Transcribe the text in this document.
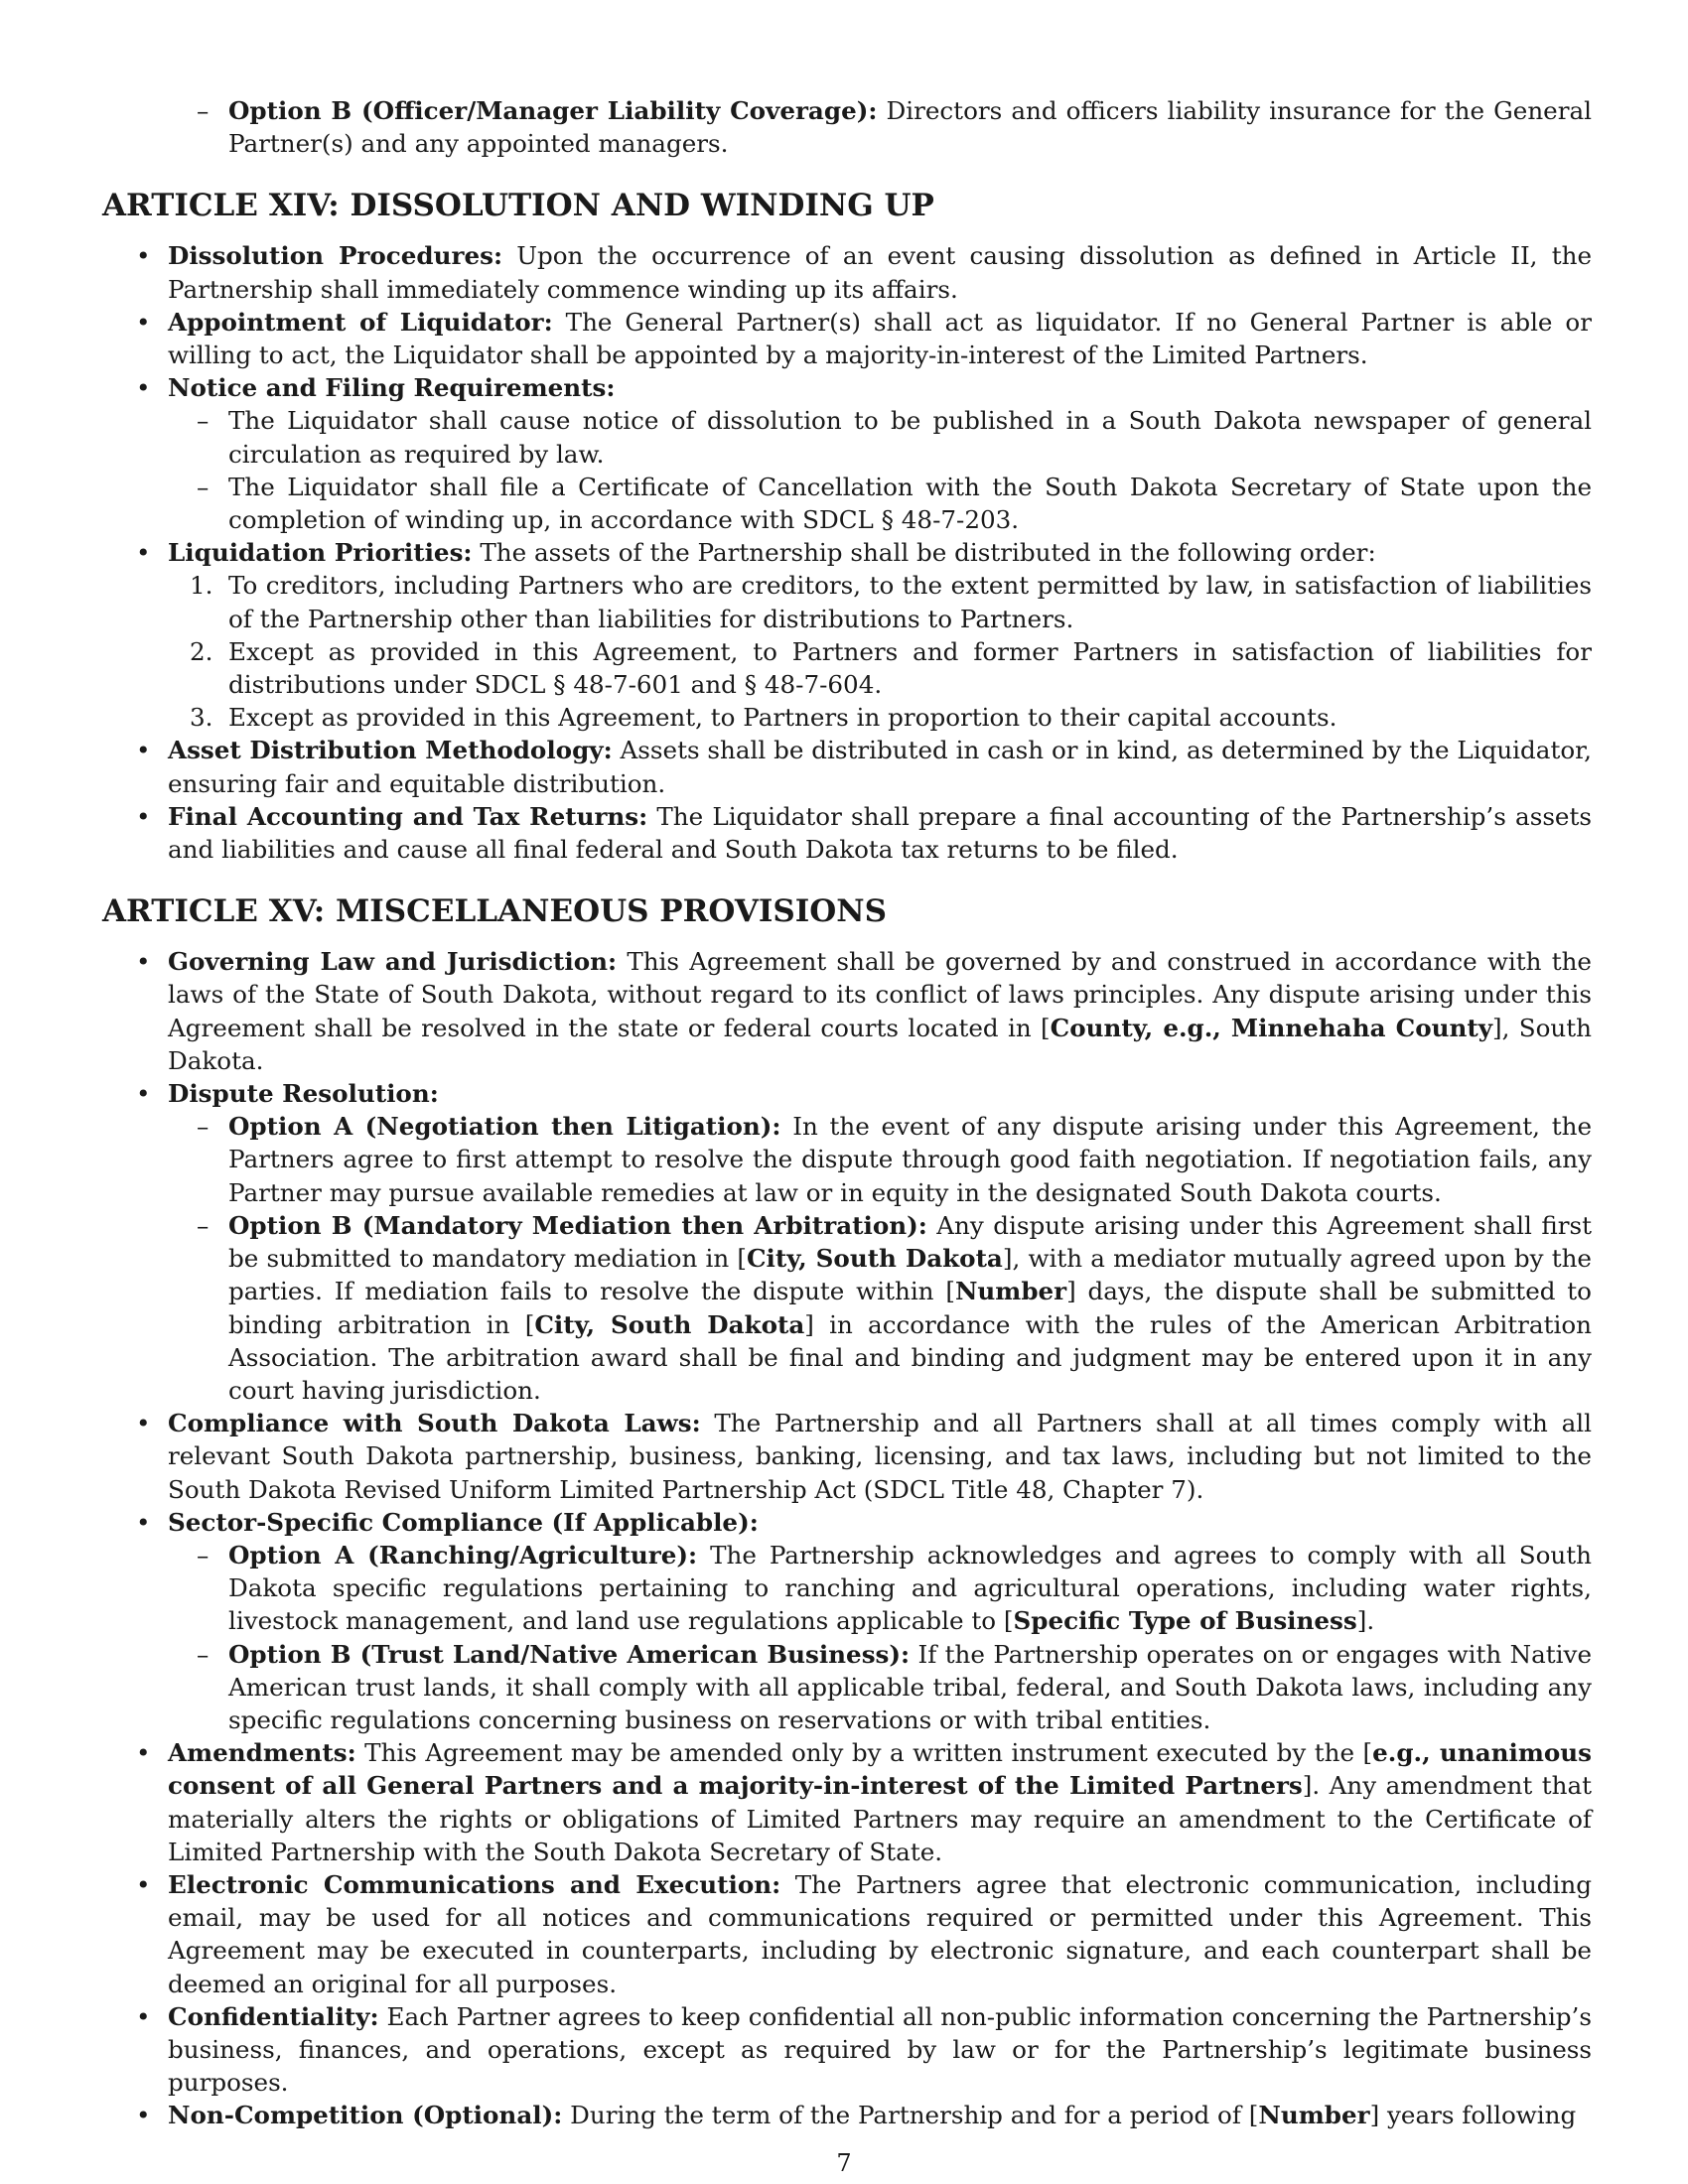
– Option B (Officer/Manager Liability Coverage): Directors and officers liability insurance for the General Partner(s) and any appointed managers.
ARTICLE XIV: DISSOLUTION AND WINDING UP
• Dissolution Procedures: Upon the occurrence of an event causing dissolution as defined in Article II, the Partnership shall immediately commence winding up its affairs.
• Appointment of Liquidator: The General Partner(s) shall act as liquidator. If no General Partner is able or willing to act, the Liquidator shall be appointed by a majority-in-interest of the Limited Partners.
• Notice and Filing Requirements:
– The Liquidator shall cause notice of dissolution to be published in a South Dakota newspaper of general circulation as required by law.
– The Liquidator shall file a Certificate of Cancellation with the South Dakota Secretary of State upon the completion of winding up, in accordance with SDCL § 48-7-203.
• Liquidation Priorities: The assets of the Partnership shall be distributed in the following order:
1. To creditors, including Partners who are creditors, to the extent permitted by law, in satisfaction of liabilities of the Partnership other than liabilities for distributions to Partners.
2. Except as provided in this Agreement, to Partners and former Partners in satisfaction of liabilities for distributions under SDCL § 48-7-601 and § 48-7-604.
3. Except as provided in this Agreement, to Partners in proportion to their capital accounts.
• Asset Distribution Methodology: Assets shall be distributed in cash or in kind, as determined by the Liquidator, ensuring fair and equitable distribution.
• Final Accounting and Tax Returns: The Liquidator shall prepare a final accounting of the Partnership’s assets and liabilities and cause all final federal and South Dakota tax returns to be filed.
ARTICLE XV: MISCELLANEOUS PROVISIONS
• Governing Law and Jurisdiction: This Agreement shall be governed by and construed in accordance with the laws of the State of South Dakota, without regard to its conflict of laws principles. Any dispute arising under this Agreement shall be resolved in the state or federal courts located in [County, e.g., Minnehaha County], South Dakota.
• Dispute Resolution:
– Option A (Negotiation then Litigation): In the event of any dispute arising under this Agreement, the Partners agree to first attempt to resolve the dispute through good faith negotiation. If negotiation fails, any Partner may pursue available remedies at law or in equity in the designated South Dakota courts.
– Option B (Mandatory Mediation then Arbitration): Any dispute arising under this Agreement shall first be submitted to mandatory mediation in [City, South Dakota], with a mediator mutually agreed upon by the parties. If mediation fails to resolve the dispute within [Number] days, the dispute shall be submitted to binding arbitration in [City, South Dakota] in accordance with the rules of the American Arbitration Association. The arbitration award shall be final and binding and judgment may be entered upon it in any court having jurisdiction.
• Compliance with South Dakota Laws: The Partnership and all Partners shall at all times comply with all relevant South Dakota partnership, business, banking, licensing, and tax laws, including but not limited to the South Dakota Revised Uniform Limited Partnership Act (SDCL Title 48, Chapter 7).
• Sector-Specific Compliance (If Applicable):
– Option A (Ranching/Agriculture): The Partnership acknowledges and agrees to comply with all South Dakota specific regulations pertaining to ranching and agricultural operations, including water rights, livestock management, and land use regulations applicable to [Specific Type of Business].
– Option B (Trust Land/Native American Business): If the Partnership operates on or engages with Native American trust lands, it shall comply with all applicable tribal, federal, and South Dakota laws, including any specific regulations concerning business on reservations or with tribal entities.
• Amendments: This Agreement may be amended only by a written instrument executed by the [e.g., unanimous consent of all General Partners and a majority-in-interest of the Limited Partners]. Any amendment that materially alters the rights or obligations of Limited Partners may require an amendment to the Certificate of Limited Partnership with the South Dakota Secretary of State.
• Electronic Communications and Execution: The Partners agree that electronic communication, including email, may be used for all notices and communications required or permitted under this Agreement. This Agreement may be executed in counterparts, including by electronic signature, and each counterpart shall be deemed an original for all purposes.
• Confidentiality: Each Partner agrees to keep confidential all non-public information concerning the Partnership’s business, finances, and operations, except as required by law or for the Partnership’s legitimate business purposes.
• Non-Competition (Optional): During the term of the Partnership and for a period of [Number] years following
7
